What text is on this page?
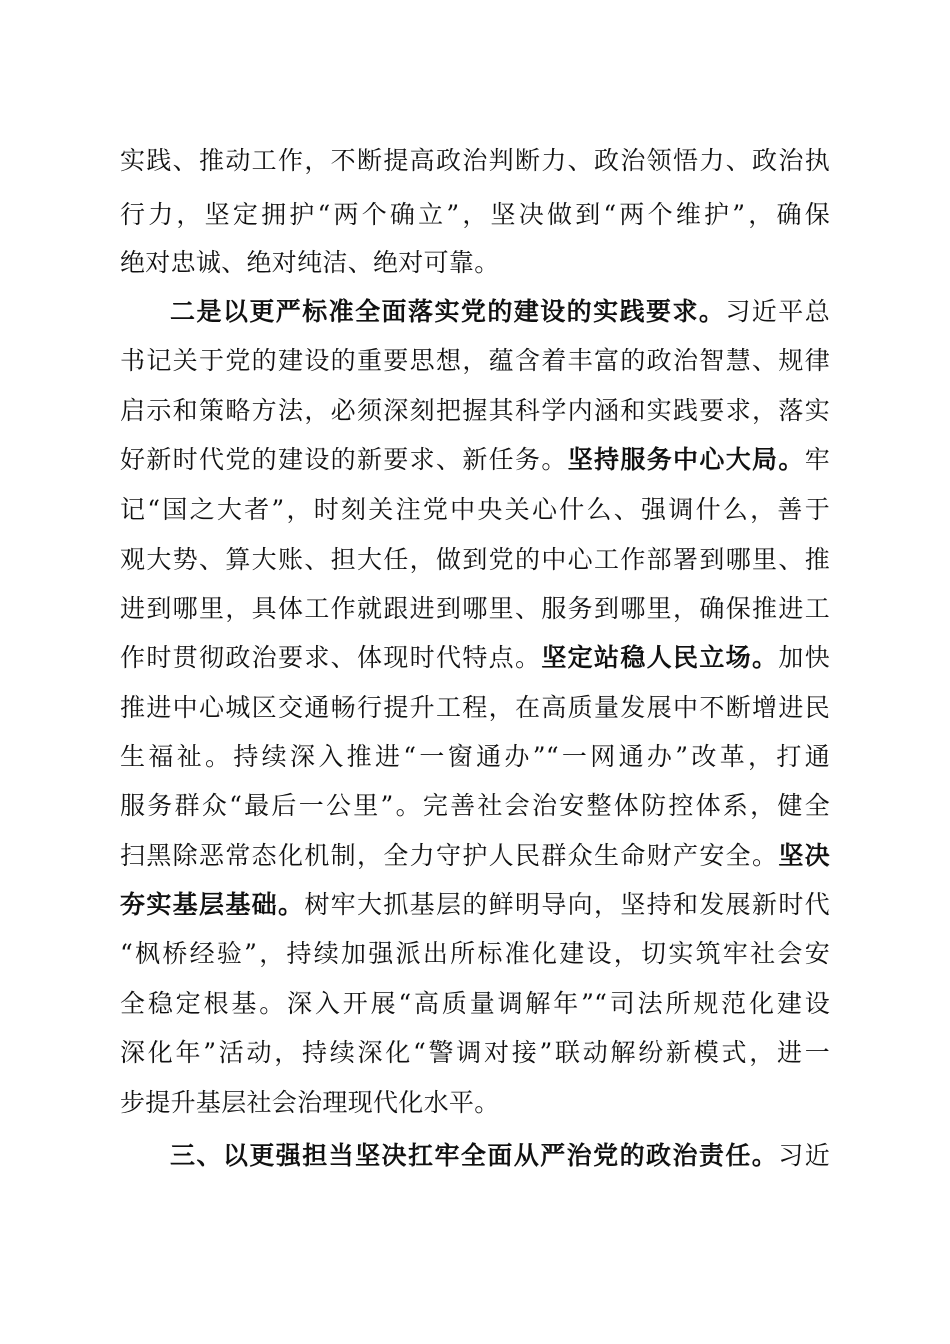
实践、推动工作，不断提高政治判断力、政治领悟力、政治执
行力，坚定拥护“两个确立”，坚决做到“两个维护”，确保
绝对忠诚、绝对纯洁、绝对可靠。
二是以更严标准全面落实党的建设的实践要求。习近平总
书记关于党的建设的重要思想，蕴含着丰富的政治智慧、规律
启示和策略方法，必须深刻把握其科学内涵和实践要求，落实
好新时代党的建设的新要求、新任务。坚持服务中心大局。牢
记“国之大者”，时刻关注党中央关心什么、强调什么，善于
观大势、算大账、担大任，做到党的中心工作部署到哪里、推
进到哪里，具体工作就跟进到哪里、服务到哪里，确保推进工
作时贯彻政治要求、体现时代特点。坚定站稳人民立场。加快
推进中心城区交通畅行提升工程，在高质量发展中不断增进民
生福祉。持续深入推进“一窗通办”“一网通办”改革，打通
服务群众“最后一公里”。完善社会治安整体防控体系，健全
扫黑除恶常态化机制，全力守护人民群众生命财产安全。坚决
夯实基层基础。树牢大抓基层的鲜明导向，坚持和发展新时代
“枫桥经验”，持续加强派出所标准化建设，切实筑牢社会安
全稳定根基。深入开展“高质量调解年”“司法所规范化建设
深化年”活动，持续深化“警调对接”联动解纷新模式，进一
步提升基层社会治理现代化水平。
三、以更强担当坚决扛牢全面从严治党的政治责任。习近
